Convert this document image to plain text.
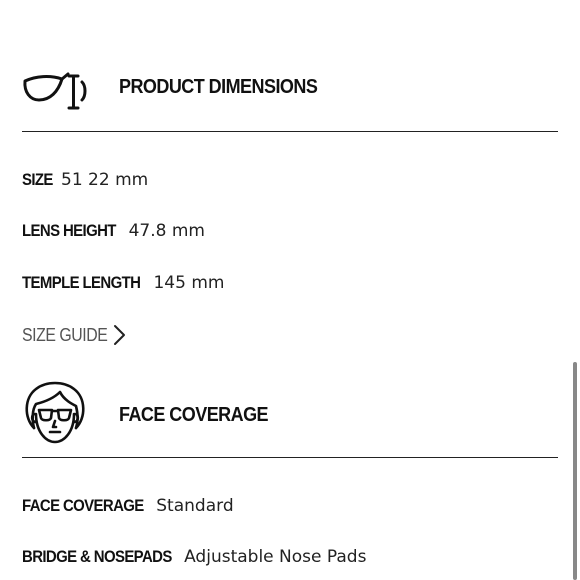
PRODUCT DIMENSIONS
SIZE 51 22 mm
LENS HEIGHT 47.8 mm
TEMPLE LENGTH 145 mm
SIZE GUIDE
FACE COVERAGE
FACE COVERAGE Standard
BRIDGE & NOSEPADS Adjustable Nose Pads
